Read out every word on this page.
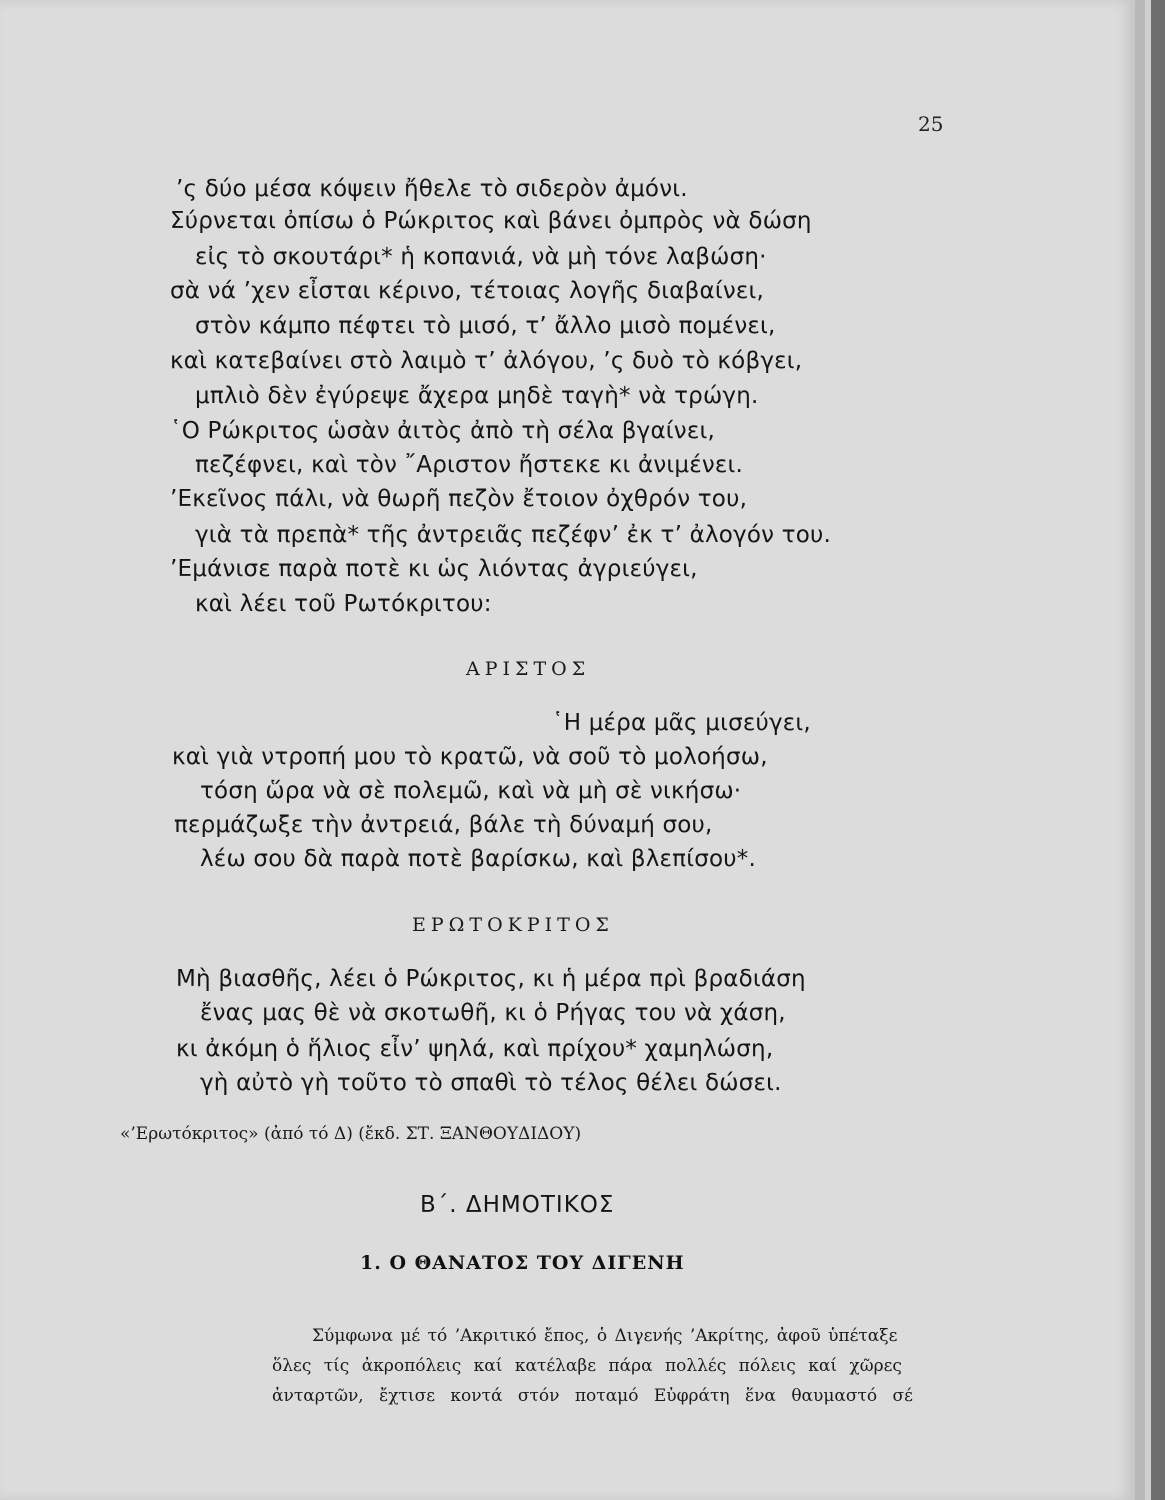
25

’ς δύο μέσα κόψειν ἤθελε τὸ σιδερὸν ἀμόνι.

Σύρνεται ὀπίσω ὁ Ρώκριτος καὶ βάνει ὀμπρὸς νὰ δώση

εἰς τὸ σκουτάρι* ἡ κοπανιά, νὰ μὴ τόνε λαβώση·

σὰ νά ’χεν εἶσται κέρινο, τέτοιας λογῆς διαβαίνει,

στὸν κάμπο πέφτει τὸ μισό, τ’ ἄλλο μισὸ πομένει,

καὶ κατεβαίνει στὸ λαιμὸ τ’ ἀλόγου, ’ς δυὸ τὸ κόβγει,

μπλιὸ δὲν ἐγύρεψε ἄχερα μηδὲ ταγὴ* νὰ τρώγη.

῾Ο Ρώκριτος ὡσὰν ἀιτὸς ἀπὸ τὴ σέλα βγαίνει,

πεζέφνει, καὶ τὸν ῎Αριστον ἤστεκε κι ἀνιμένει.

’Εκεῖνος πάλι, νὰ θωρῆ πεζὸν ἔτοιον ὀχθρόν του,

γιὰ τὰ πρεπὰ* τῆς ἀντρειᾶς πεζέφν’ ἐκ τ’ ἀλογόν του.

’Εμάνισε παρὰ ποτὲ κι ὡς λιόντας ἀγριεύγει,

καὶ λέει τοῦ Ρωτόκριτου:

ΑΡΙΣΤΟΣ

῾Η μέρα μᾶς μισεύγει,

καὶ γιὰ ντροπή μου τὸ κρατῶ, νὰ σοῦ τὸ μολοήσω,

τόση ὥρα νὰ σὲ πολεμῶ, καὶ νὰ μὴ σὲ νικήσω·

περμάζωξε τὴν ἀντρειά, βάλε τὴ δύναμή σου,

λέω σου δὰ παρὰ ποτὲ βαρίσκω, καὶ βλεπίσου*.

ΕΡΩΤΟΚΡΙΤΟΣ

Μὴ βιασθῆς, λέει ὁ Ρώκριτος, κι ἡ μέρα πρὶ βραδιάση

ἔνας μας θὲ νὰ σκοτωθῆ, κι ὁ Ρήγας του νὰ χάση,

κι ἀκόμη ὁ ἥλιος εἶν’ ψηλά, καὶ πρίχου* χαμηλώση,

γὴ αὐτὸ γὴ τοῦτο τὸ σπαθὶ τὸ τέλος θέλει δώσει.

«’Ερωτόκριτος» (ἀπό τό Δ) (ἔκδ. ΣΤ. ΞΑΝΘΟΥΔΙΔΟΥ)

Β΄. ΔΗΜΟΤΙΚΟΣ

1. Ο ΘΑΝΑΤΟΣ ΤΟΥ ΔΙΓΕΝΗ

Σύμφωνα μέ τό ’Ακριτικό ἔπος, ὁ Διγενής ’Ακρίτης, ἀφοῦ ὑπέταξε

ὅλες τίς ἀκροπόλεις καί κατέλαβε πάρα πολλές πόλεις καί χῶρες

ἀνταρτῶν, ἔχτισε κοντά στόν ποταμό Εὐφράτη ἕνα θαυμαστό σέ
